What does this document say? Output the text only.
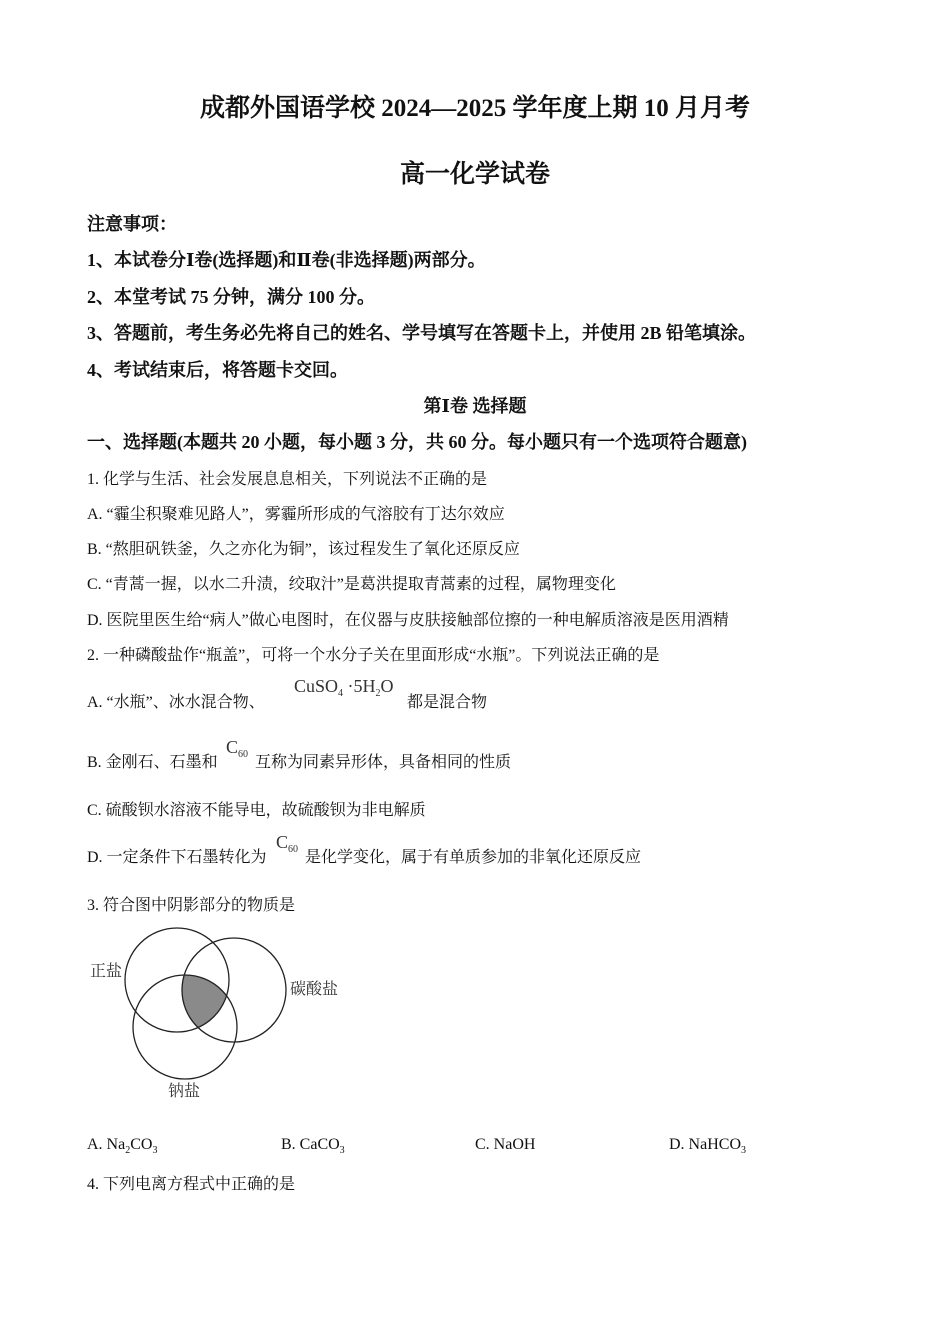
成都外国语学校 2024—2025 学年度上期 10 月月考
高一化学试卷
注意事项：
1、本试卷分Ⅰ卷(选择题)和Ⅱ卷(非选择题)两部分。
2、本堂考试 75 分钟，满分 100 分。
3、答题前，考生务必先将自己的姓名、学号填写在答题卡上，并使用 2B 铅笔填涂。
4、考试结束后，将答题卡交回。
第Ⅰ卷 选择题
一、选择题(本题共 20 小题，每小题 3 分，共 60 分。每小题只有一个选项符合题意)
1. 化学与生活、社会发展息息相关，下列说法不正确的是
A. “霾尘积聚难见路人”，雾霾所形成的气溶胶有丁达尔效应
B. “熬胆矾铁釜，久之亦化为铜”，该过程发生了氧化还原反应
C. “青蒿一握，以水二升渍，绞取汁”是葛洪提取青蒿素的过程，属物理变化
D. 医院里医生给“病人”做心电图时，在仪器与皮肤接触部位擦的一种电解质溶液是医用酒精
2. 一种磷酸盐作“瓶盖”，可将一个水分子关在里面形成“水瓶”。下列说法正确的是
A. “水瓶”、冰水混合物、
CuSO$_4$ $\cdot 5H_2O$
都是混合物
B. 金刚石、石墨和
$C_{60}$ 互称为同素异形体，具备相同的性质
C. 硫酸钡水溶液不能导电，故硫酸钡为非电解质
D. 一定条件下石墨转化为
$C_{60}$ 是化学变化，属于有单质参加的非氧化还原反应
3. 符合图中阴影部分的物质是
正盐
碳酸盐
钠盐
A. $Na_2CO_3$	B. CaCO$_3$	C. NaOH	D. NaHCO$_3$
4. 下列电离方程式中正确的是
